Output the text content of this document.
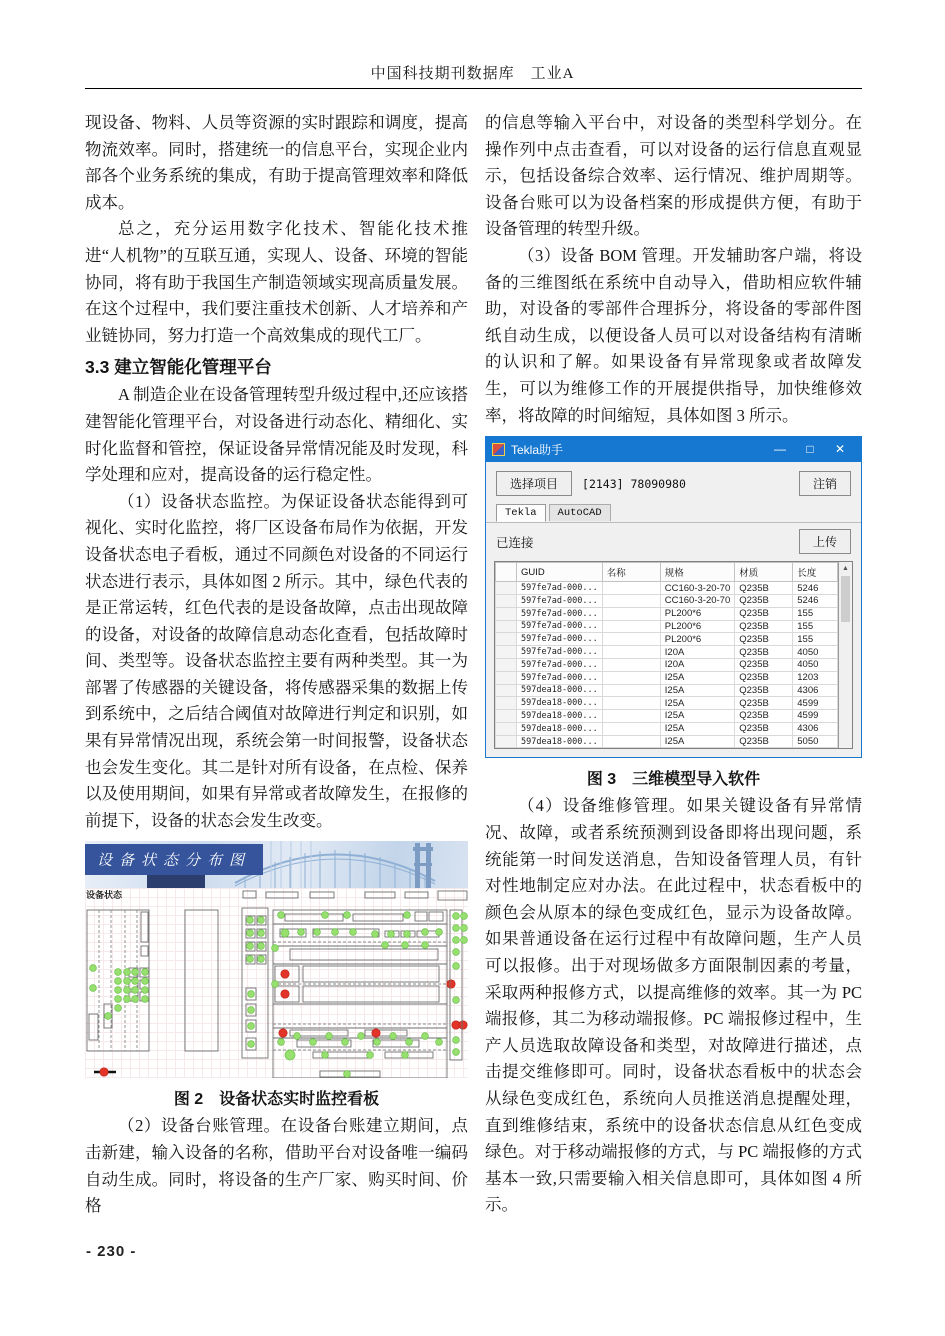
中国科技期刊数据库　工业A

现设备、物料、人员等资源的实时跟踪和调度，提高物流效率。同时，搭建统一的信息平台，实现企业内部各个业务系统的集成，有助于提高管理效率和降低成本。

总之，充分运用数字化技术、智能化技术推进“人机物”的互联互通，实现人、设备、环境的智能协同，将有助于我国生产制造领域实现高质量发展。在这个过程中，我们要注重技术创新、人才培养和产业链协同，努力打造一个高效集成的现代工厂。

3.3 建立智能化管理平台

A 制造企业在设备管理转型升级过程中,还应该搭建智能化管理平台，对设备进行动态化、精细化、实时化监督和管控，保证设备异常情况能及时发现，科学处理和应对，提高设备的运行稳定性。

（1）设备状态监控。为保证设备状态能得到可视化、实时化监控，将厂区设备布局作为依据，开发设备状态电子看板，通过不同颜色对设备的不同运行状态进行表示，具体如图 2 所示。其中，绿色代表的是正常运转，红色代表的是设备故障，点击出现故障的设备，对设备的故障信息动态化查看，包括故障时间、类型等。设备状态监控主要有两种类型。其一为部署了传感器的关键设备，将传感器采集的数据上传到系统中，之后结合阈值对故障进行判定和识别，如果有异常情况出现，系统会第一时间报警，设备状态也会发生变化。其二是针对所有设备，在点检、保养以及使用期间，如果有异常或者故障发生，在报修的前提下，设备的状态会发生改变。

设备状态分布图
设备状态
图 2　设备状态实时监控看板

（2）设备台账管理。在设备台账建立期间，点击新建，输入设备的名称，借助平台对设备唯一编码自动生成。同时，将设备的生产厂家、购买时间、价格

的信息等输入平台中，对设备的类型科学划分。在操作列中点击查看，可以对设备的运行信息直观显示，包括设备综合效率、运行情况、维护周期等。设备台账可以为设备档案的形成提供方便，有助于设备管理的转型升级。

（3）设备 BOM 管理。开发辅助客户端，将设备的三维图纸在系统中自动导入，借助相应软件辅助，对设备的零部件合理拆分，将设备的零部件图纸自动生成，以便设备人员可以对设备结构有清晰的认识和了解。如果设备有异常现象或者故障发生，可以为维修工作的开展提供指导，加快维修效率，将故障的时间缩短，具体如图 3 所示。

Tekla助手	—	□	✕
选择项目	[2143] 78090980	注销
Tekla	AutoCAD
已连接	上传
	GUID	名称	规格	材质	长度
	597fe7ad-000...		CC160-3-20-70	Q235B	5246
	597fe7ad-000...		CC160-3-20-70	Q235B	5246
	597fe7ad-000...		PL200*6	Q235B	155
	597fe7ad-000...		PL200*6	Q235B	155
	597fe7ad-000...		PL200*6	Q235B	155
	597fe7ad-000...		I20A	Q235B	4050
	597fe7ad-000...		I20A	Q235B	4050
	597fe7ad-000...		I25A	Q235B	1203
	597dea18-000...		I25A	Q235B	4306
	597dea18-000...		I25A	Q235B	4599
	597dea18-000...		I25A	Q235B	4599
	597dea18-000...		I25A	Q235B	4306
	597dea18-000...		I25A	Q235B	5050
▲
图 3　三维模型导入软件

（4）设备维修管理。如果关键设备有异常情况、故障，或者系统预测到设备即将出现问题，系统能第一时间发送消息，告知设备管理人员，有针对性地制定应对办法。在此过程中，状态看板中的颜色会从原本的绿色变成红色，显示为设备故障。如果普通设备在运行过程中有故障问题，生产人员可以报修。出于对现场做多方面限制因素的考量，采取两种报修方式，以提高维修的效率。其一为 PC 端报修，其二为移动端报修。PC 端报修过程中，生产人员选取故障设备和类型，对故障进行描述，点击提交维修即可。同时，设备状态看板中的状态会从绿色变成红色，系统向人员推送消息提醒处理，直到维修结束，系统中的设备状态信息从红色变成绿色。对于移动端报修的方式，与 PC 端报修的方式基本一致,只需要输入相关信息即可，具体如图 4 所示。

- 230 -
